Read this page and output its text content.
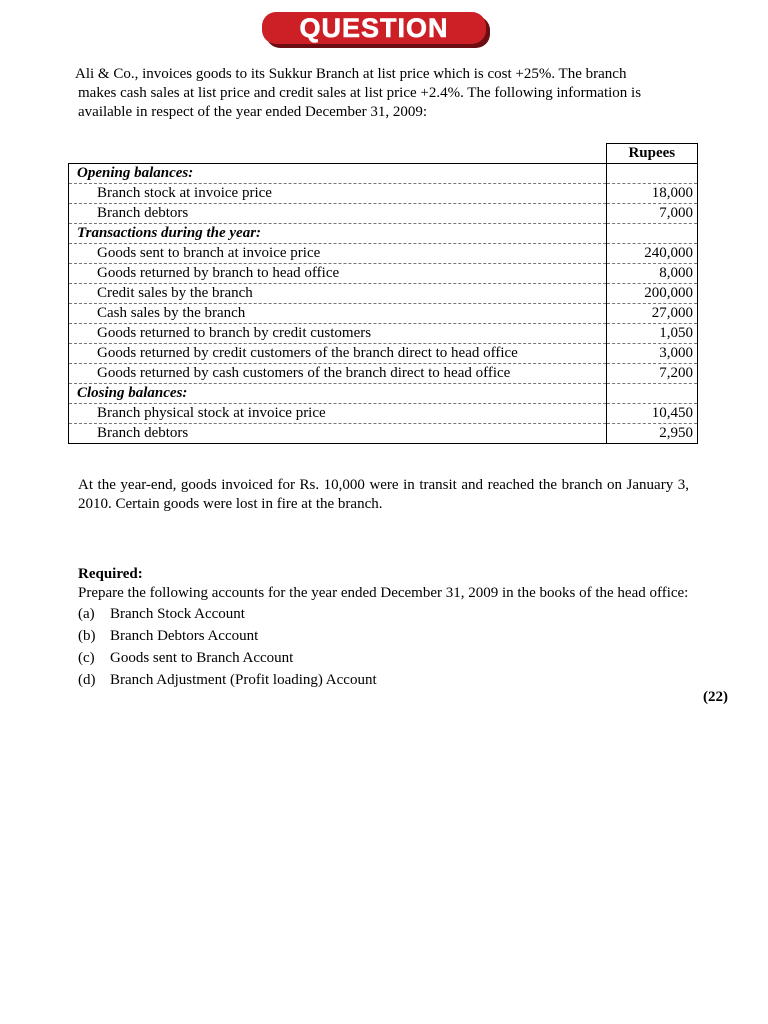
QUESTION

Ali & Co., invoices goods to its Sukkur Branch at list price which is cost +25%. The branch
makes cash sales at list price and credit sales at list price +2.4%. The following information is
available in respect of the year ended December 31, 2009:

	Rupees
Opening balances:	
Branch stock at invoice price	18,000
Branch debtors	7,000
Transactions during the year:	
Goods sent to branch at invoice price	240,000
Goods returned by branch to head office	8,000
Credit sales by the branch	200,000
Cash sales by the branch	27,000
Goods returned to branch by credit customers	1,050
Goods returned by credit customers of the branch direct to head office	3,000
Goods returned by cash customers of the branch direct to head office	7,200
Closing balances:	
Branch physical stock at invoice price	10,450
Branch debtors	2,950

At the year-end, goods invoiced for Rs. 10,000 were in transit and reached the branch on January 3, 2010. Certain goods were lost in fire at the branch.

Required:
Prepare the following accounts for the year ended December 31, 2009 in the books of the head office:
(a)	Branch Stock Account
(b) Branch Debtors Account
(c)	Goods sent to Branch Account
(d) Branch Adjustment (Profit loading) Account
(22)
